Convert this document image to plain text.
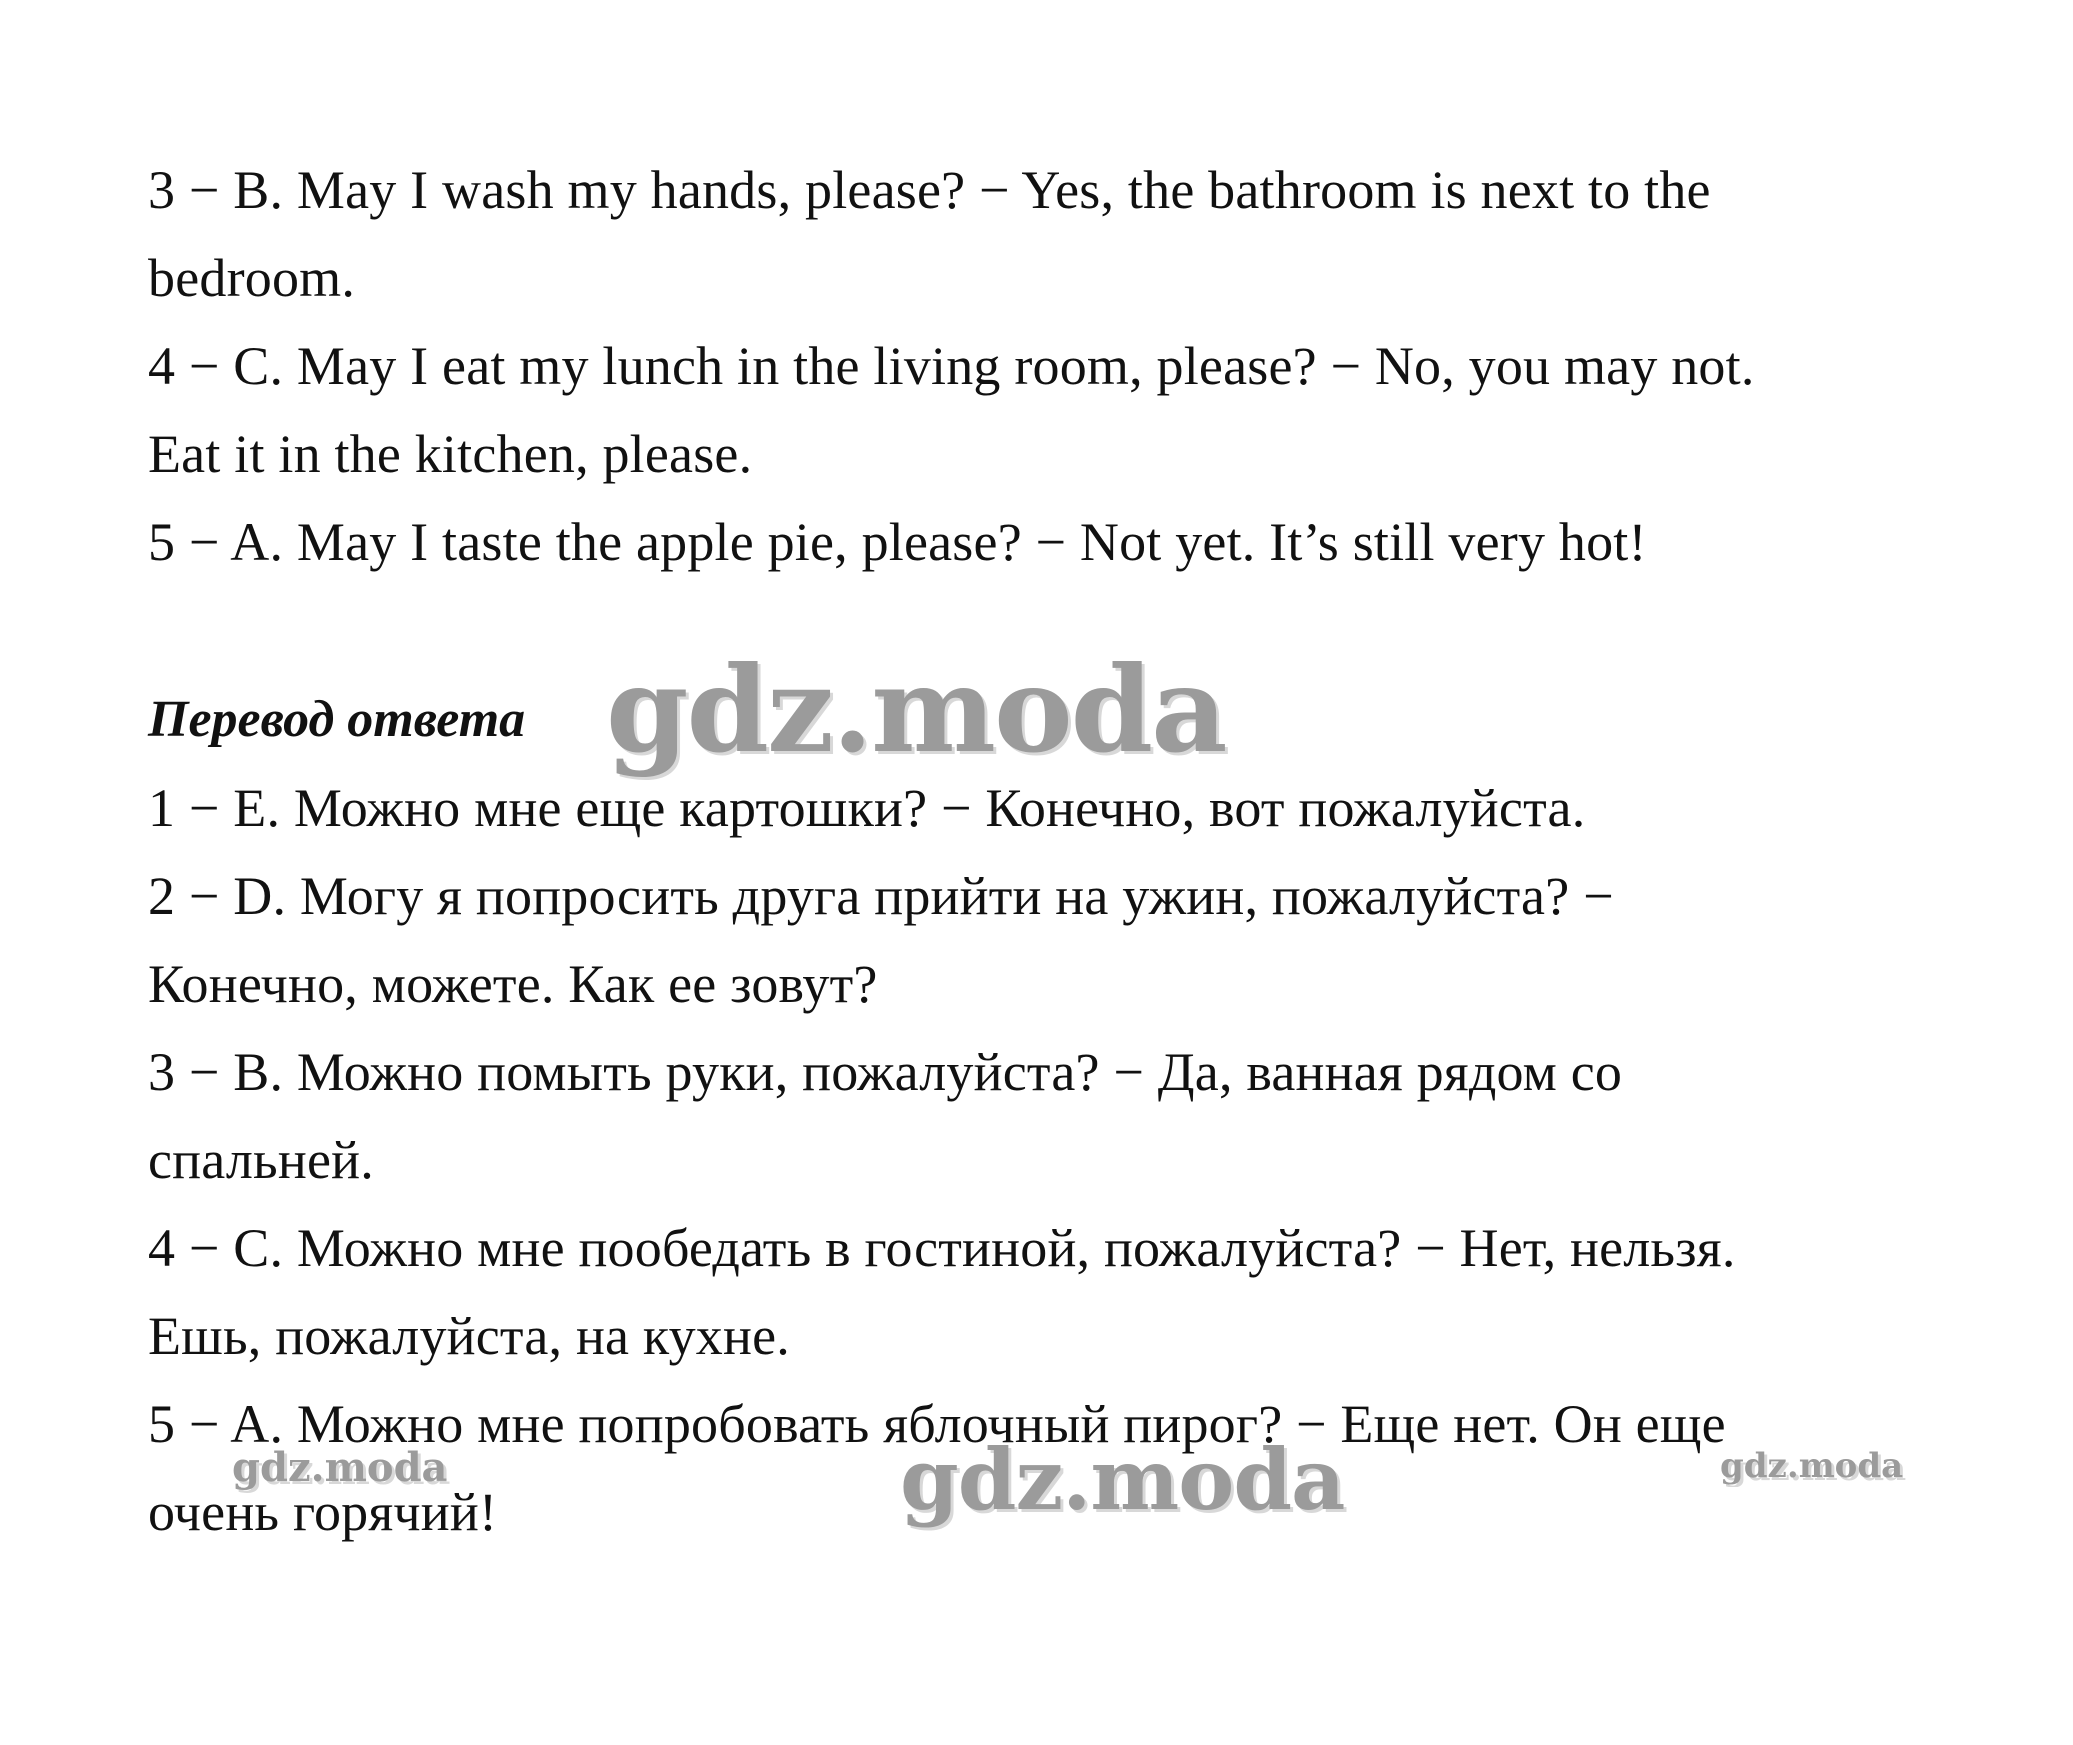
3 − B. May I wash my hands, please? − Yes, the bathroom is next to the
bedroom.
4 − C. May I eat my lunch in the living room, please? − No, you may not.
Eat it in the kitchen, please.
5 − A. May I taste the apple pie, please? − Not yet. It’s still very hot!
Перевод ответа
1 − E. Можно мне еще картошки? − Конечно, вот пожалуйста.
2 − D. Могу я попросить друга прийти на ужин, пожалуйста? −
Конечно, можете. Как ее зовут?
3 − B. Можно помыть руки, пожалуйста? − Да, ванная рядом со
спальней.
4 − C. Можно мне пообедать в гостиной, пожалуйста? − Нет, нельзя.
Ешь, пожалуйста, на кухне.
5 − A. Можно мне попробовать яблочный пирог? − Еще нет. Он еще
очень горячий!
gdz.moda
gdz.moda
gdz.moda	gdz.moda
